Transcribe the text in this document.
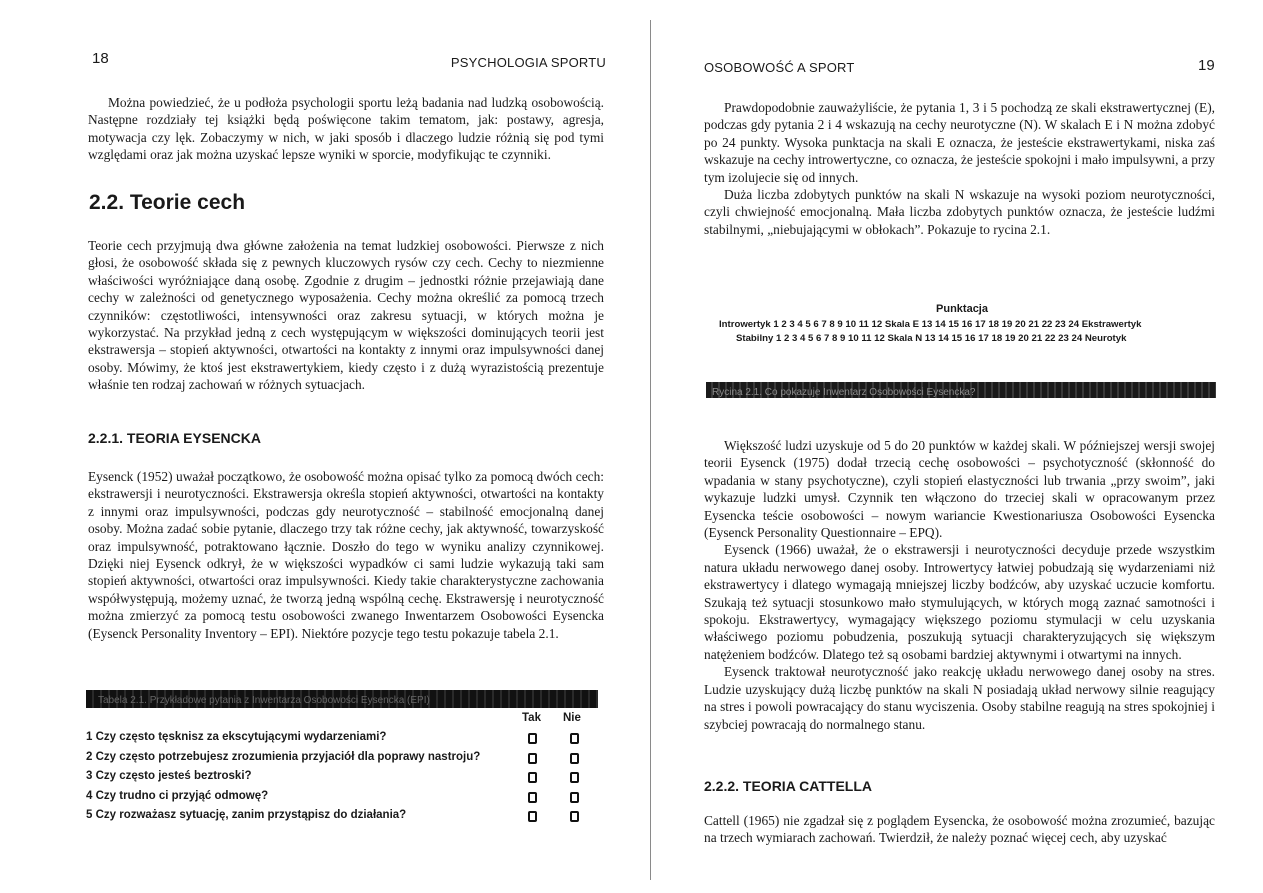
18	PSYCHOLOGIA SPORTU
Można powiedzieć, że u podłoża psychologii sportu leżą badania nad ludzką osobowością. Następne rozdziały tej książki będą poświęcone takim tematom, jak: postawy, agresja, motywacja czy lęk. Zobaczymy w nich, w jaki sposób i dlaczego ludzie różnią się pod tymi względami oraz jak można uzyskać lepsze wyniki w sporcie, modyfikując te czynniki.
2.2. Teorie cech
Teorie cech przyjmują dwa główne założenia na temat ludzkiej osobowości. Pierwsze z nich głosi, że osobowość składa się z pewnych kluczowych rysów czy cech. Cechy to niezmienne właściwości wyróżniające daną osobę. Zgodnie z drugim – jednostki różnie przejawiają dane cechy w zależności od genetycznego wyposażenia. Cechy można określić za pomocą trzech czynników: częstotliwości, intensywności oraz zakresu sytuacji, w których można je wykorzystać. Na przykład jedną z cech występującym w większości dominujących teorii jest ekstrawersja – stopień aktywności, otwartości na kontakty z innymi oraz impulsywności danej osoby. Mówimy, że ktoś jest ekstrawertykiem, kiedy często i z dużą wyrazistością prezentuje właśnie ten rodzaj zachowań w różnych sytuacjach.
2.2.1. TEORIA EYSENCKA
Eysenck (1952) uważał początkowo, że osobowość można opisać tylko za pomocą dwóch cech: ekstrawersji i neurotyczności. Ekstrawersja określa stopień aktywności, otwartości na kontakty z innymi oraz impulsywności, podczas gdy neurotyczność – stabilność emocjonalną danej osoby. Można zadać sobie pytanie, dlaczego trzy tak różne cechy, jak aktywność, towarzyskość oraz impulsywność, potraktowano łącznie. Doszło do tego w wyniku analizy czynnikowej. Dzięki niej Eysenck odkrył, że w większości wypadków ci sami ludzie wykazują taki sam stopień aktywności, otwartości oraz impulsywności. Kiedy takie charakterystyczne zachowania współwystępują, możemy uznać, że tworzą jedną wspólną cechę. Ekstrawersję i neurotyczność można zmierzyć za pomocą testu osobowości zwanego Inwentarzem Osobowości Eysencka (Eysenck Personality Inventory – EPI). Niektóre pozycje tego testu pokazuje tabela 2.1.
Tabela 2.1. Przykładowe pytania z Inwentarza Osobowości Eysencka (EPI)
Tak Nie
1 Czy często tęsknisz za ekscytującymi wydarzeniami?
2 Czy często potrzebujesz zrozumienia przyjaciół dla poprawy nastroju?
3 Czy często jesteś beztroski?
4 Czy trudno ci przyjąć odmowę?
5 Czy rozważasz sytuację, zanim przystąpisz do działania?
OSOBOWOŚĆ A SPORT	19

Prawdopodobnie zauważyliście, że pytania 1, 3 i 5 pochodzą ze skali ekstrawertycznej (E), podczas gdy pytania 2 i 4 wskazują na cechy neurotyczne (N). W skalach E i N można zdobyć po 24 punkty. Wysoka punktacja na skali E oznacza, że jesteście ekstrawertykami, niska zaś wskazuje na cechy introwertyczne, co oznacza, że jesteście spokojni i mało impulsywni, a przy tym izolujecie się od innych.

Duża liczba zdobytych punktów na skali N wskazuje na wysoki poziom neurotyczności, czyli chwiejność emocjonalną. Mała liczba zdobytych punktów oznacza, że jesteście ludźmi stabilnymi, „niebujającymi w obłokach”. Pokazuje to rycina 2.1.

Większość ludzi uzyskuje od 5 do 20 punktów w każdej skali. W późniejszej wersji swojej teorii Eysenck (1975) dodał trzecią cechę osobowości – psychotyczność (skłonność do wpadania w stany psychotyczne), czyli stopień elastyczności lub trwania „przy swoim”, jaki wykazuje ludzki umysł. Czynnik ten włączono do trzeciej skali w opracowanym przez Eysencka teście osobowości – nowym wariancie Kwestionariusza Osobowości Eysencka (Eysenck Personality Questionnaire – EPQ).

Eysenck (1966) uważał, że o ekstrawersji i neurotyczności decyduje przede wszystkim natura układu nerwowego danej osoby. Introwertycy łatwiej pobudzają się wydarzeniami niż ekstrawertycy i dlatego wymagają mniejszej liczby bodźców, aby uzyskać uczucie komfortu. Szukają też sytuacji stosunkowo mało stymulujących, w których mogą zaznać samotności i spokoju. Ekstrawertycy, wymagający większego poziomu stymulacji w celu uzyskania właściwego poziomu pobudzenia, poszukują sytuacji charakteryzujących się większym natężeniem bodźców. Dlatego też są osobami bardziej aktywnymi i otwartymi na innych.

Eysenck traktował neurotyczność jako reakcję układu nerwowego danej osoby na stres. Ludzie uzyskujący dużą liczbę punktów na skali N posiadają układ nerwowy silnie reagujący na stres i powoli powracający do stanu wyciszenia. Osoby stabilne reagują na stres spokojniej i szybciej powracają do normalnego stanu.

2.2.2. TEORIA CATTELLA

Cattell (1965) nie zgadzał się z poglądem Eysencka, że osobowość można zrozumieć, bazując na trzech wymiarach zachowań. Twierdził, że należy poznać więcej cech, aby uzyskać

Punktacja
Introwertyk 1 2 3 4 5 6 7 8 9 10 11 12 Skala E 13 14 15 16 17 18 19 20 21 22 23 24 Ekstrawertyk
Stabilny 1 2 3 4 5 6 7 8 9 10 11 12 Skala N 13 14 15 16 17 18 19 20 21 22 23 24 Neurotyk
Rycina 2.1. Co pokazuje Inwentarz Osobowości Eysencka?
